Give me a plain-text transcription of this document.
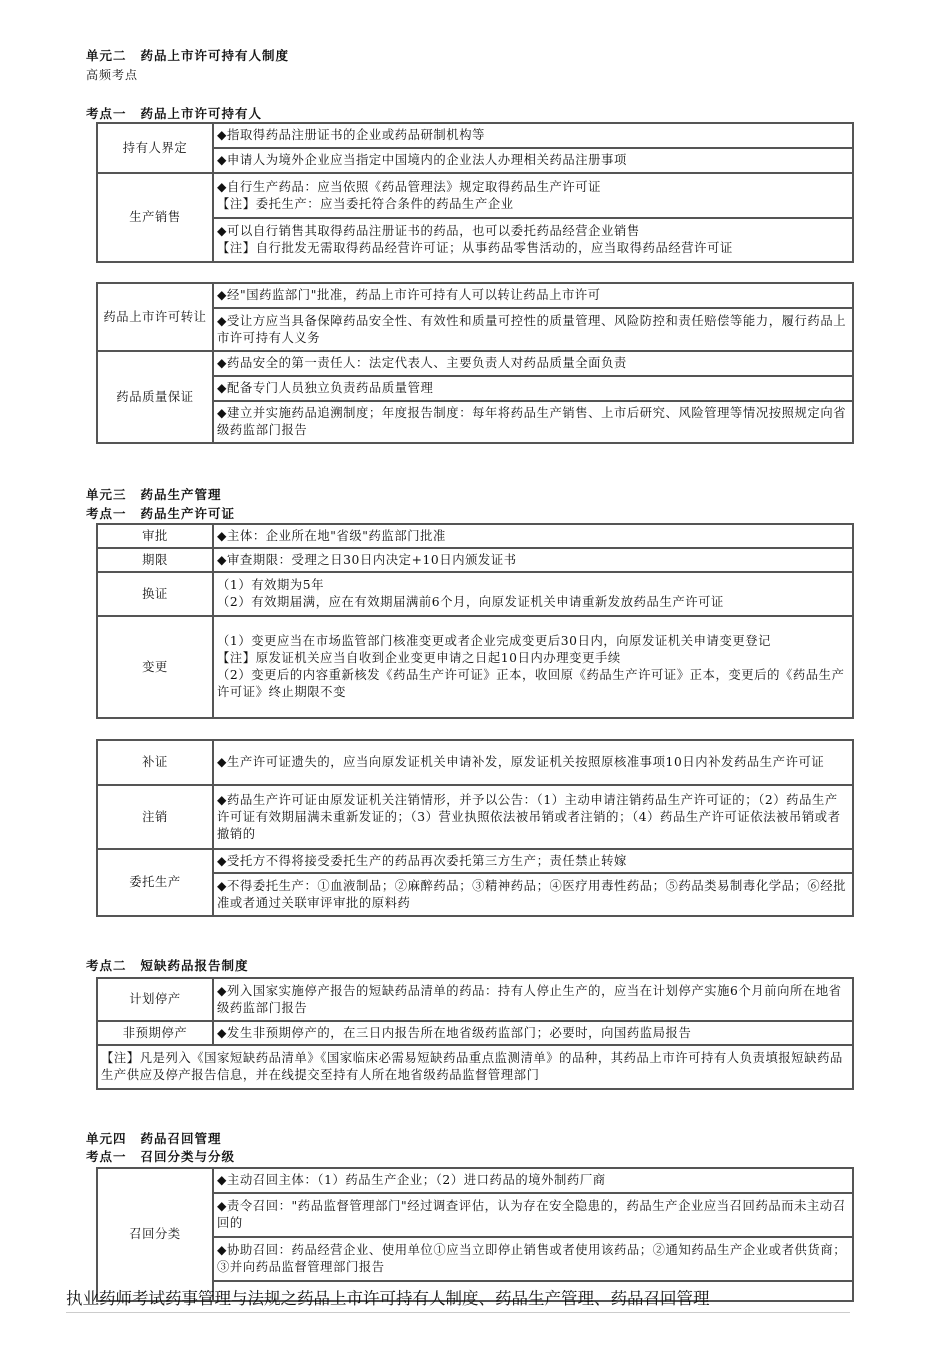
单元二 药品上市许可持有人制度
高频考点
考点一 药品上市许可持有人
持有人界定	◆指取得药品注册证书的企业或药品研制机构等
	◆申请人为境外企业应当指定中国境内的企业法人办理相关药品注册事项
生产销售	◆自行生产药品：应当依照《药品管理法》规定取得药品生产许可证
【注】委托生产：应当委托符合条件的药品生产企业

	◆可以自行销售其取得药品注册证书的药品，也可以委托药品经营企业销售
【注】自行批发无需取得药品经营许可证；从事药品零售活动的，应当取得药品经营许可证
药品上市许可转让	◆经"国药监部门"批准，药品上市许可持有人可以转让药品上市许可
	◆受让方应当具备保障药品安全性、有效性和质量可控性的质量管理、风险防控和责任赔偿等能力，履行药品上市许可持有人义务
药品质量保证	◆药品安全的第一责任人：法定代表人、主要负责人对药品质量全面负责
	◆配备专门人员独立负责药品质量管理
	◆建立并实施药品追溯制度；年度报告制度：每年将药品生产销售、上市后研究、风险管理等情况按照规定向省级药监部门报告
单元三 药品生产管理
考点一 药品生产许可证
审批	◆主体：企业所在地"省级"药监部门批准
期限	◆审查期限：受理之日30日内决定+10日内颁发证书
换证	（1）有效期为5年
（2）有效期届满，应在有效期届满前6个月，向原发证机关申请重新发放药品生产许可证

变更	（1）变更应当在市场监管部门核准变更或者企业完成变更后30日内，向原发证机关申请变更登记
【注】原发证机关应当自收到企业变更申请之日起10日内办理变更手续
（2）变更后的内容重新核发《药品生产许可证》正本，收回原《药品生产许可证》正本，变更后的《药品生产许可证》终止期限不变
补证	◆生产许可证遗失的，应当向原发证机关申请补发，原发证机关按照原核准事项10日内补发药品生产许可证
注销	◆药品生产许可证由原发证机关注销情形，并予以公告：（1）主动申请注销药品生产许可证的；（2）药品生产许可证有效期届满未重新发证的；（3）营业执照依法被吊销或者注销的；（4）药品生产许可证依法被吊销或者撤销的
委托生产	◆受托方不得将接受委托生产的药品再次委托第三方生产；责任禁止转嫁
	◆不得委托生产：①血液制品；②麻醉药品；③精神药品；④医疗用毒性药品；⑤药品类易制毒化学品；⑥经批准或者通过关联审评审批的原料药
考点二 短缺药品报告制度
计划停产	◆列入国家实施停产报告的短缺药品清单的药品：持有人停止生产的，应当在计划停产实施6个月前向所在地省级药监部门报告
非预期停产	◆发生非预期停产的，在三日内报告所在地省级药监部门；必要时，向国药监局报告
【注】凡是列入《国家短缺药品清单》《国家临床必需易短缺药品重点监测清单》的品种，其药品上市许可持有人负责填报短缺药品生产供应及停产报告信息，并在线提交至持有人所在地省级药品监督管理部门	
单元四 药品召回管理
考点一 召回分类与分级
召回分类	◆主动召回主体：（1）药品生产企业；（2）进口药品的境外制药厂商
◆责令召回："药品监督管理部门"经过调查评估，认为存在安全隐患的，药品生产企业应当召回药品而未主动召回的
◆协助召回：药品经营企业、使用单位①应当立即停止销售或者使用该药品；②通知药品生产企业或者供货商；③并向药品监督管理部门报告

执业药师考试药事管理与法规之药品上市许可持有人制度、药品生产管理、药品召回管理
